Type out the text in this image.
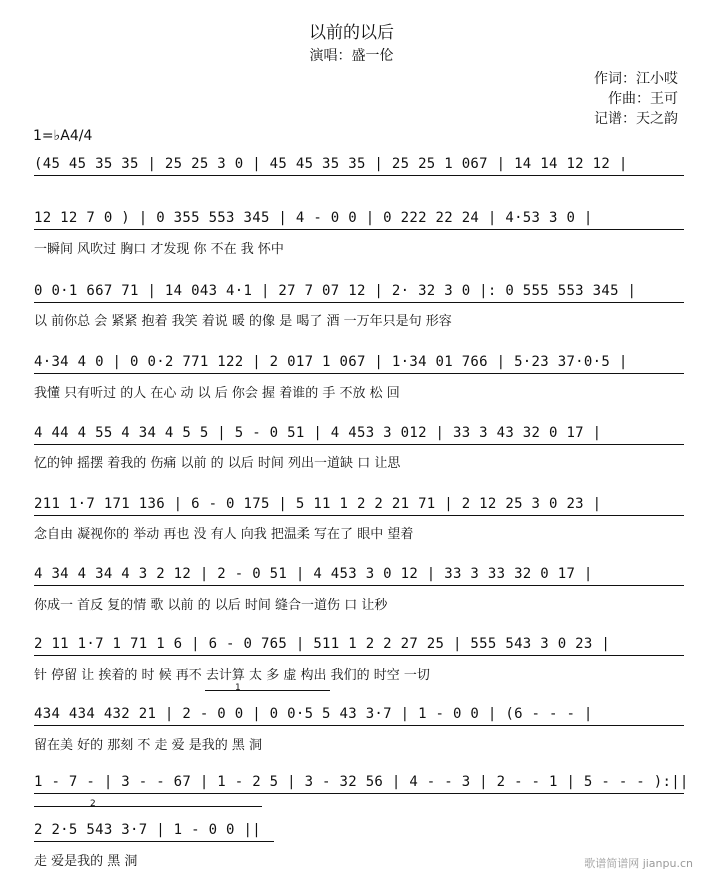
以前的以后
演唱：盛一伦
作词：江小哎
作曲：王可
记谱：天之韵
1=♭A4/4
(45 45 35 35 | 25 25 3 0 | 45 45 35 35 | 25 25 1 067 | 14 14 12 12 |
12 12 7 0 ) | 0 355 553 345 | 4 - 0 0 | 0 222 22 24 | 4·53 3 0 |
一瞬间 风吹过 胸口 才发现 你 不在 我 怀中
0 0·1 667 71 | 14 043 4·1 | 27 7 07 12 | 2· 32 3 0 |: 0 555 553 345 |
以 前你总 会 紧紧 抱着 我笑 着说 暖 的像 是 喝了 酒 一万年只是句 形容
4·34 4 0 | 0 0·2 771 122 | 2 017 1 067 | 1·34 01 766 | 5·23 37·0·5 |
我懂 只有听过 的人 在心 动 以 后 你会 握 着谁的 手 不放 松 回
4 44 4 55 4 34 4 5 5 | 5 - 0 51 | 4 453 3 012 | 33 3 43 32 0 17 |
忆的钟 摇摆 着我的 伤痛 以前 的 以后 时间 列出一道缺 口 让思
211 1·7 171 136 | 6 - 0 175 | 5 11 1 2 2 21 71 | 2 12 25 3 0 23 |
念自由 凝视你的 举动 再也 没 有人 向我 把温柔 写在了 眼中 望着
4 34 4 34 4 3 2 12 | 2 - 0 51 | 4 453 3 0 12 | 33 3 33 32 0 17 |
你成一 首反 复的情 歌 以前 的 以后 时间 缝合一道伤 口 让秒
2 11 1·7 1 71 1 6 | 6 - 0 765 | 511 1 2 2 27 25 | 555 543 3 0 23 |
针 停留 让 挨着的 时 候 再不 去计算 太 多 虚 构出 我们的 时空 一切
1
434 434 432 21 | 2 - 0 0 | 0 0·5 5 43 3·7 | 1 - 0 0 | (6 - - - |
留在美 好的 那刻 不 走 爱 是我的 黑 洞
1 - 7 - | 3 - - 67 | 1 - 2 5 | 3 - 32 56 | 4 - - 3 | 2 - - 1 | 5 - - - ):||
2
2 2·5 543 3·7 | 1 - 0 0 ||
走 爱是我的 黑 洞	歌谱简谱网 jianpu.cn
